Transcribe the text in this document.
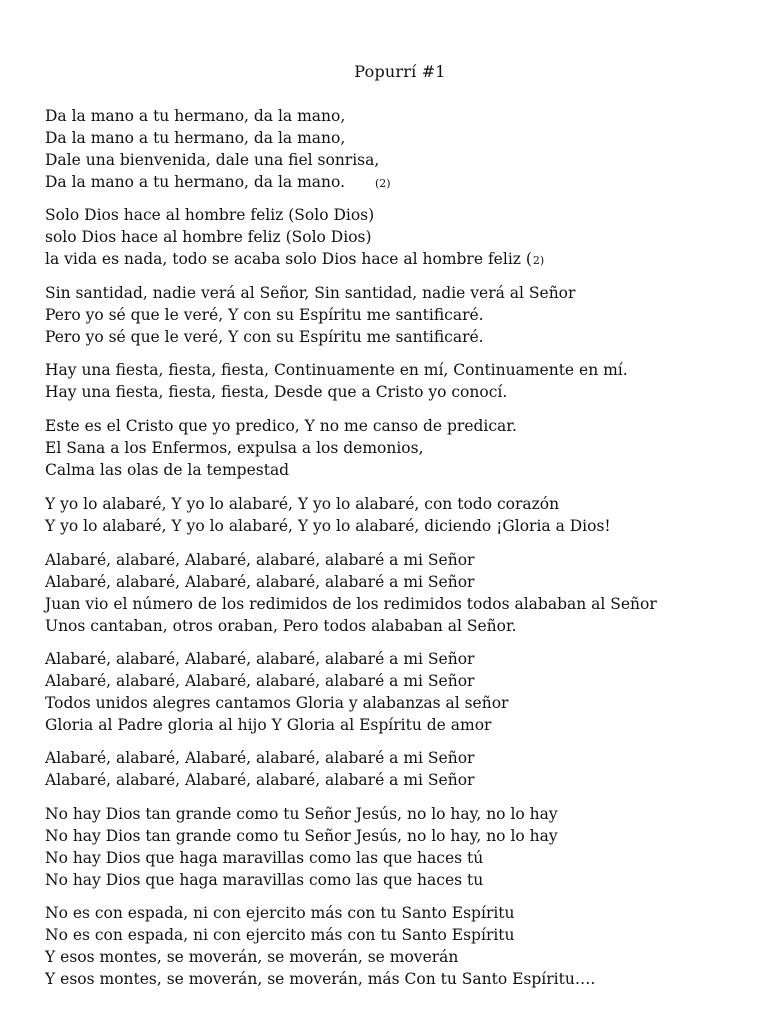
Popurrí #1
Da la mano a tu hermano, da la mano,
Da la mano a tu hermano, da la mano,
Dale una bienvenida, dale una fiel sonrisa,
Da la mano a tu hermano, da la mano.	(2)
Solo Dios hace al hombre feliz (Solo Dios)
solo Dios hace al hombre feliz (Solo Dios)
la vida es nada, todo se acaba solo Dios hace al hombre feliz (2)
Sin santidad, nadie verá al Señor, Sin santidad, nadie verá al Señor
Pero yo sé que le veré, Y con su Espíritu me santificaré.
Pero yo sé que le veré, Y con su Espíritu me santificaré.
Hay una fiesta, fiesta, fiesta, Continuamente en mí, Continuamente en mí.
Hay una fiesta, fiesta, fiesta, Desde que a Cristo yo conocí.
Este es el Cristo que yo predico, Y no me canso de predicar.
El Sana a los Enfermos, expulsa a los demonios,
Calma las olas de la tempestad
Y yo lo alabaré, Y yo lo alabaré, Y yo lo alabaré, con todo corazón
Y yo lo alabaré, Y yo lo alabaré, Y yo lo alabaré, diciendo ¡Gloria a Dios!
Alabaré, alabaré, Alabaré, alabaré, alabaré a mi Señor
Alabaré, alabaré, Alabaré, alabaré, alabaré a mi Señor
Juan vio el número de los redimidos de los redimidos todos alababan al Señor
Unos cantaban, otros oraban, Pero todos alababan al Señor.
Alabaré, alabaré, Alabaré, alabaré, alabaré a mi Señor
Alabaré, alabaré, Alabaré, alabaré, alabaré a mi Señor
Todos unidos alegres cantamos Gloria y alabanzas al señor
Gloria al Padre gloria al hijo Y Gloria al Espíritu de amor
Alabaré, alabaré, Alabaré, alabaré, alabaré a mi Señor
Alabaré, alabaré, Alabaré, alabaré, alabaré a mi Señor
No hay Dios tan grande como tu Señor Jesús, no lo hay, no lo hay
No hay Dios tan grande como tu Señor Jesús, no lo hay, no lo hay
No hay Dios que haga maravillas como las que haces tú
No hay Dios que haga maravillas como las que haces tu
No es con espada, ni con ejercito más con tu Santo Espíritu
No es con espada, ni con ejercito más con tu Santo Espíritu
Y esos montes, se moverán, se moverán, se moverán
Y esos montes, se moverán, se moverán, más Con tu Santo Espíritu….
